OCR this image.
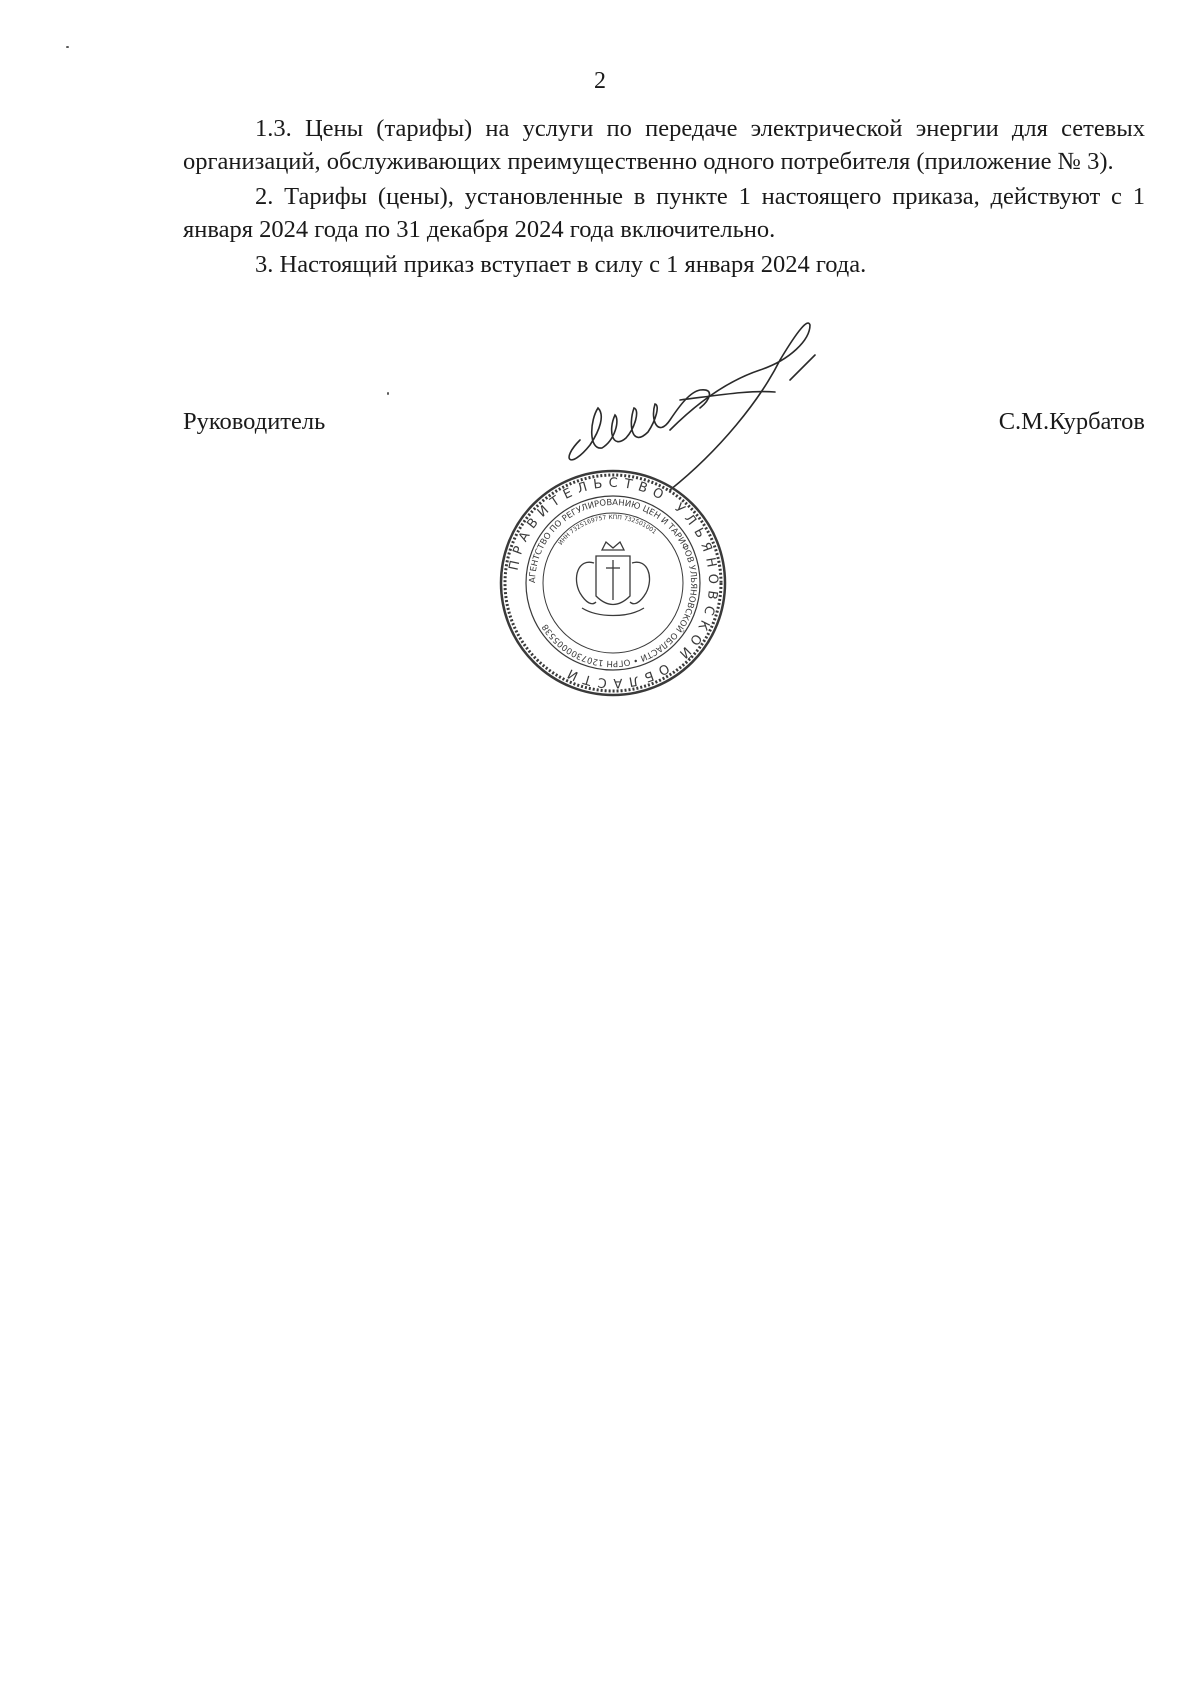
2

1.3. Цены (тарифы) на услуги по передаче электрической энергии для сетевых организаций, обслуживающих преимущественно одного потребителя (приложение № 3).

2. Тарифы (цены), установленные в пункте 1 настоящего приказа, действуют с 1 января 2024 года по 31 декабря 2024 года включительно.

3. Настоящий приказ вступает в силу с 1 января 2024 года.

Руководитель	С.М.Курбатов
ПРАВИТЕЛЬСТВО УЛЬЯНОВСКОЙ ОБЛАСТИ
АГЕНТСТВО ПО РЕГУЛИРОВАНИЮ ЦЕН И ТАРИФОВ УЛЬЯНОВСКОЙ ОБЛАСТИ • ОГРН 1207300005538
ИНН 7325169757 КПП 732501001
